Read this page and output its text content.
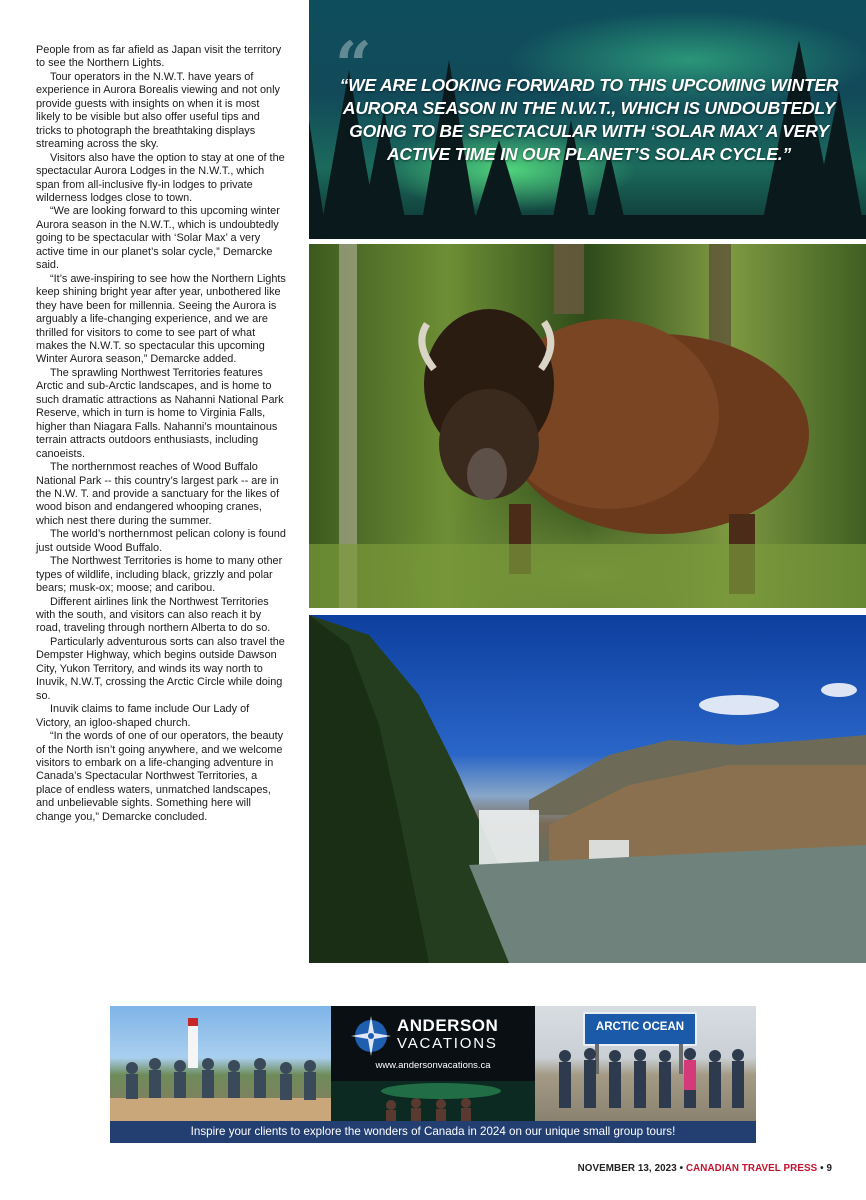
People from as far afield as Japan visit the territory to see the Northern Lights.

Tour operators in the N.W.T. have years of experience in Aurora Borealis viewing and not only provide guests with insights on when it is most likely to be visible but also offer useful tips and tricks to photograph the breathtaking displays streaming across the sky.

Visitors also have the option to stay at one of the spectacular Aurora Lodges in the N.W.T., which span from all-inclusive fly-in lodges to private wilderness lodges close to town.

“We are looking forward to this upcoming winter Aurora season in the N.W.T., which is undoubtedly going to be spectacular with ‘Solar Max’ a very active time in our planet’s solar cycle,” Demarcke said.

“It’s awe-inspiring to see how the Northern Lights keep shining bright year after year, unbothered like they have been for millennia. Seeing the Aurora is arguably a life-changing experience, and we are thrilled for visitors to come to see part of what makes the N.W.T. so spectacular this upcoming Winter Aurora season,” Demarcke added.

The sprawling Northwest Territories features Arctic and sub-Arctic landscapes, and is home to such dramatic attractions as Nahanni National Park Reserve, which in turn is home to Virginia Falls, higher than Niagara Falls. Nahanni’s mountainous terrain attracts outdoors enthusiasts, including canoeists.

The northernmost reaches of Wood Buffalo National Park -- this country’s largest park -- are in the N.W. T. and provide a sanctuary for the likes of wood bison and endangered whooping cranes, which nest there during the summer.

The world’s northernmost pelican colony is found just outside Wood Buffalo.

The Northwest Territories is home to many other types of wildlife, including black, grizzly and polar bears; musk-ox; moose; and caribou.

Different airlines link the Northwest Territories with the south, and visitors can also reach it by road, traveling through northern Alberta to do so.

Particularly adventurous sorts can also travel the Dempster Highway, which begins outside Dawson City, Yukon Territory, and winds its way north to Inuvik, N.W.T, crossing the Arctic Circle while doing so.

Inuvik claims to fame include Our Lady of Victory, an igloo-shaped church.

“In the words of one of our operators, the beauty of the North isn’t going anywhere, and we welcome visitors to embark on a life-changing adventure in Canada’s Spectacular Northwest Territories, a place of endless waters, unmatched landscapes, and unbelievable sights. Something here will change you,” Demarcke concluded.

“
“WE ARE LOOKING FORWARD TO THIS UPCOMING WINTER AURORA SEASON IN THE N.W.T., WHICH IS UNDOUBTEDLY GOING TO BE SPECTACULAR WITH ‘SOLAR MAX’ A VERY ACTIVE TIME IN OUR PLANET’S SOLAR CYCLE.”
ANDERSON
VACATIONS
www.andersonvacations.ca
ARCTIC OCEAN
Inspire your clients to explore the wonders of Canada in 2024 on our unique small group tours!
NOVEMBER 13, 2023 • CANADIAN TRAVEL PRESS • 9
